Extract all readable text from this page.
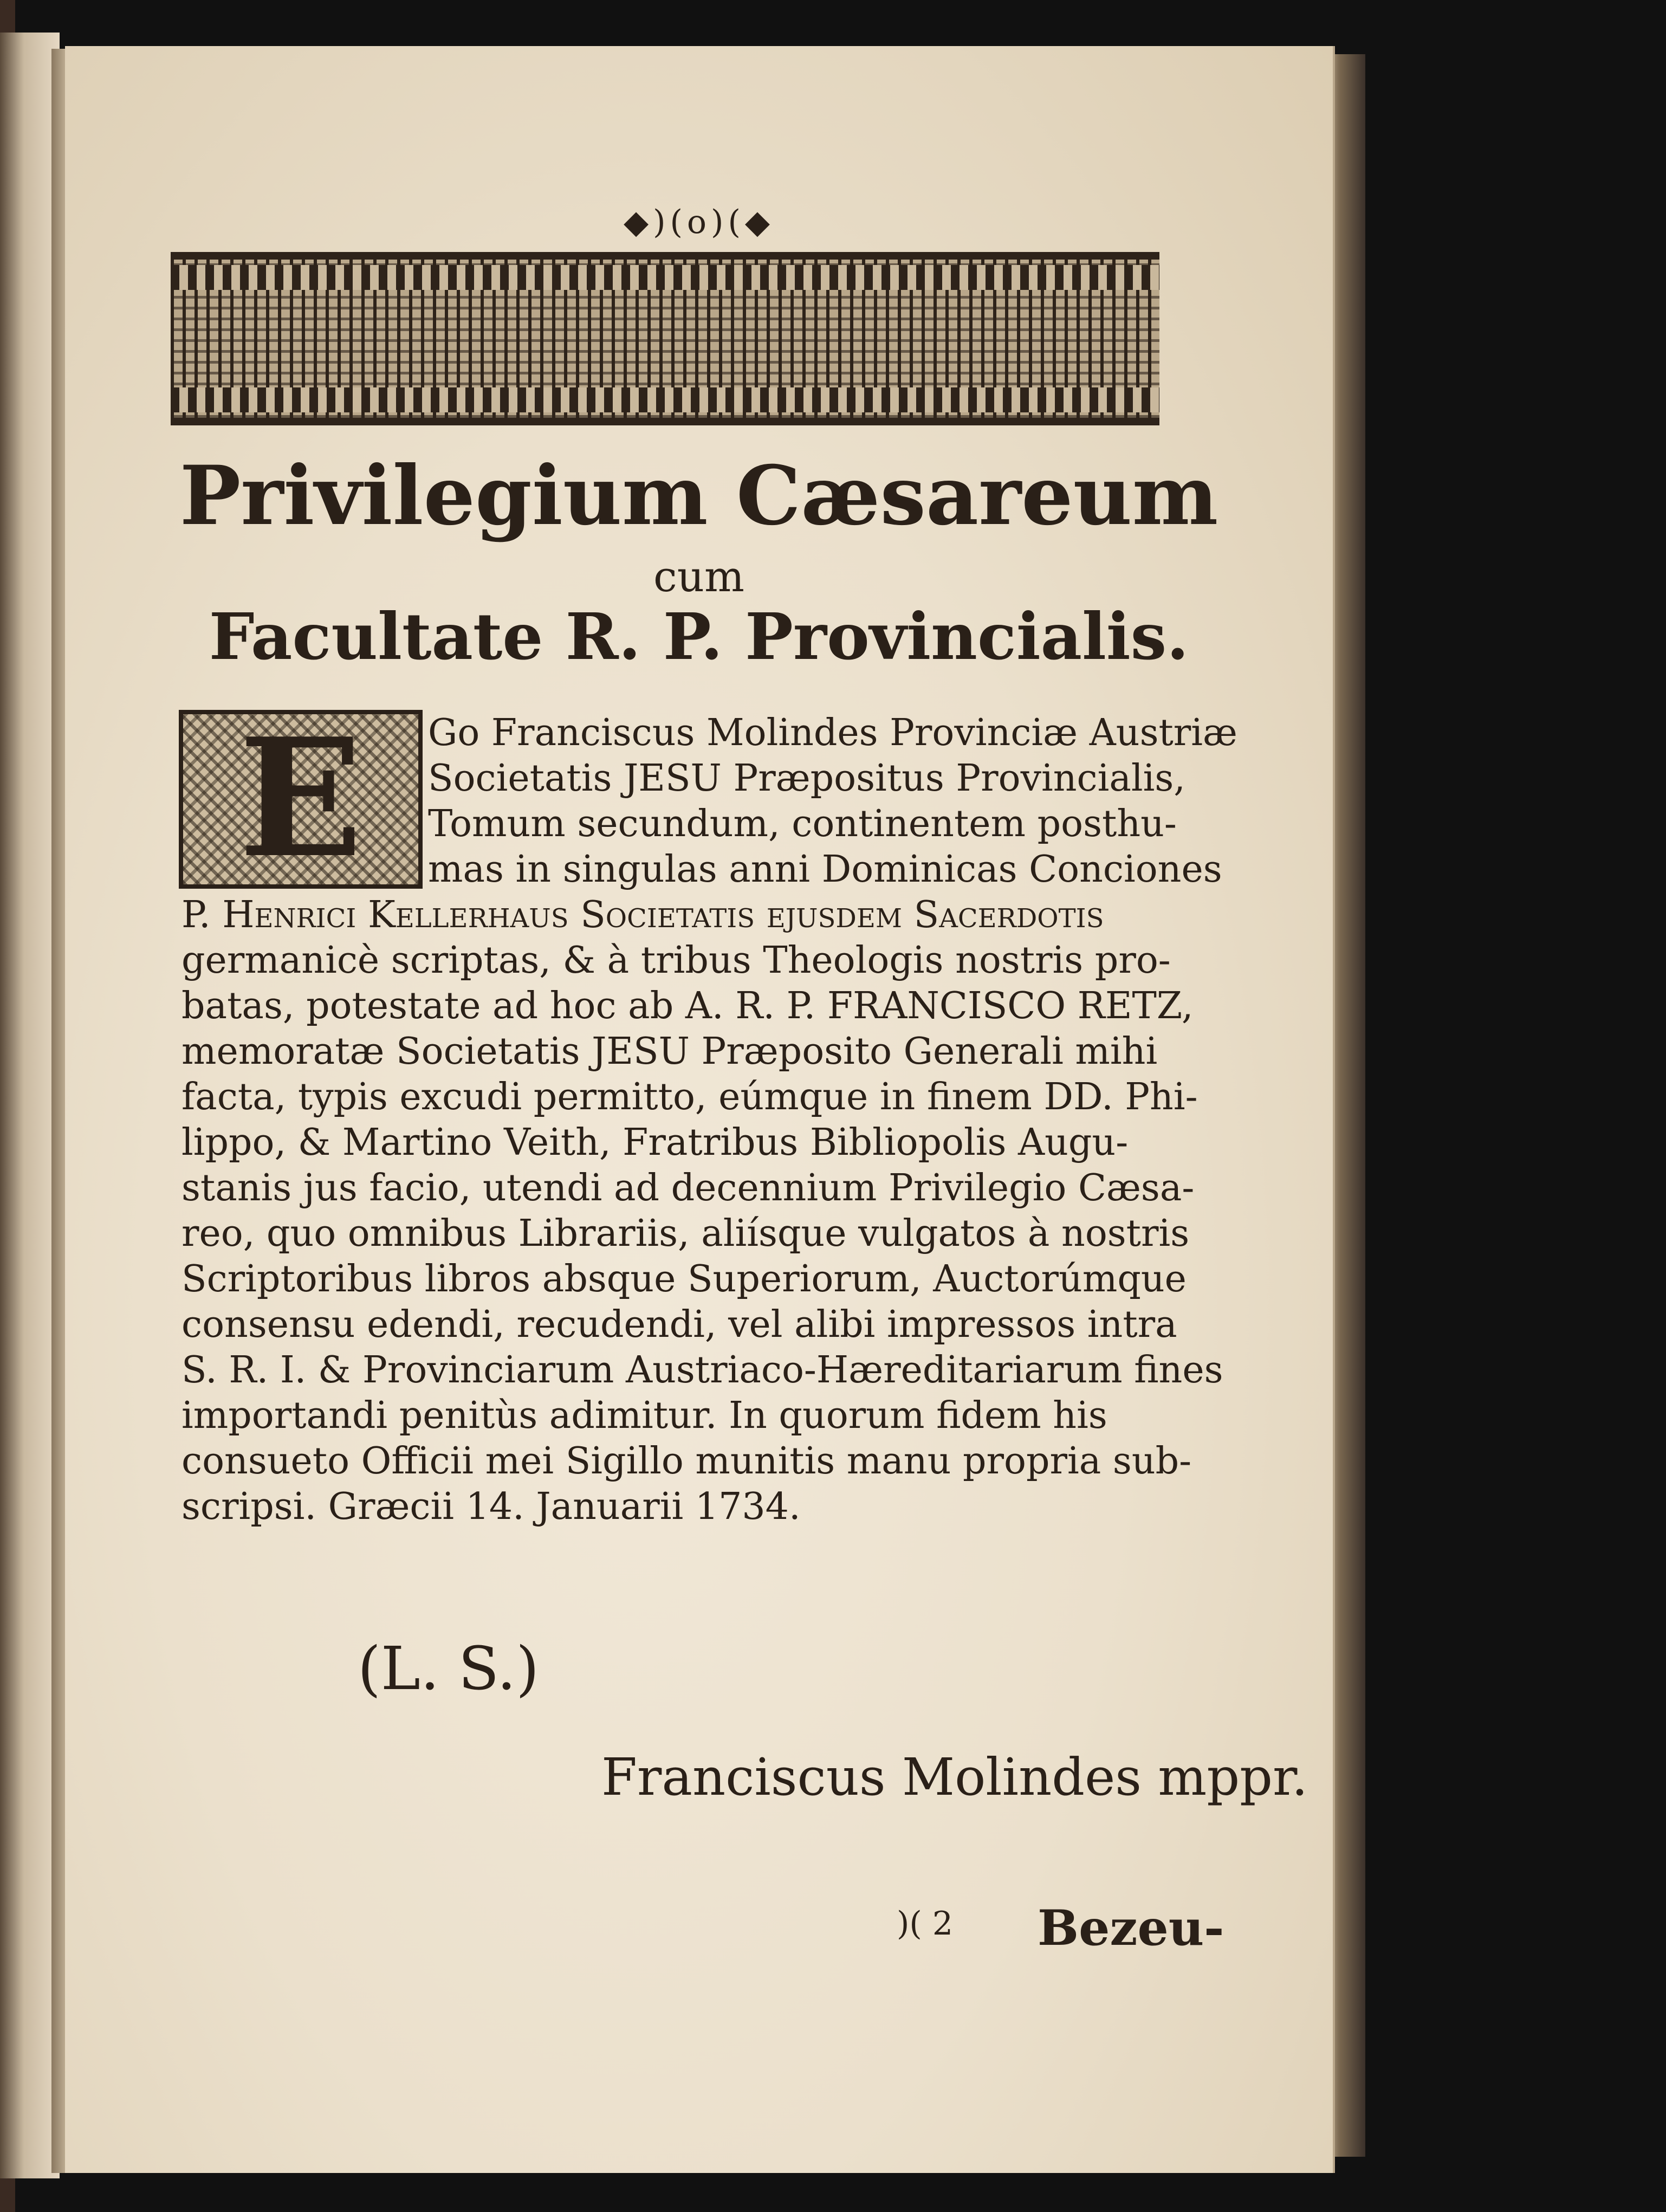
◆)(o)(◆
Privilegium Cæsareum
cum
Facultate R. P. Provincialis.
E	Go Franciscus Molindes Provinciæ Austriæ
Societatis JESU Præpositus Provincialis,
Tomum secundum, continentem posthu-
mas in singulas anni Dominicas Conciones
P. Henrici Kellerhaus Societatis ejusdem Sacerdotis
germanicè scriptas, & à tribus Theologis nostris pro-
batas, potestate ad hoc ab A. R. P. FRANCISCO RETZ,
memoratæ Societatis JESU Præposito Generali mihi
facta, typis excudi permitto, eúmque in finem DD. Phi-
lippo, & Martino Veith, Fratribus Bibliopolis Augu-
stanis jus facio, utendi ad decennium Privilegio Cæsa-
reo, quo omnibus Librariis, aliísque vulgatos à nostris
Scriptoribus libros absque Superiorum, Auctorúmque
consensu edendi, recudendi, vel alibi impressos intra
S. R. I. & Provinciarum Austriaco-Hæreditariarum fines
importandi penitùs adimitur. In quorum fidem his
consueto Officii mei Sigillo munitis manu propria sub-
scripsi. Græcii 14. Januarii 1734.
(L. S.)
Franciscus Molindes mppr.
)( 2 Bezeu-
